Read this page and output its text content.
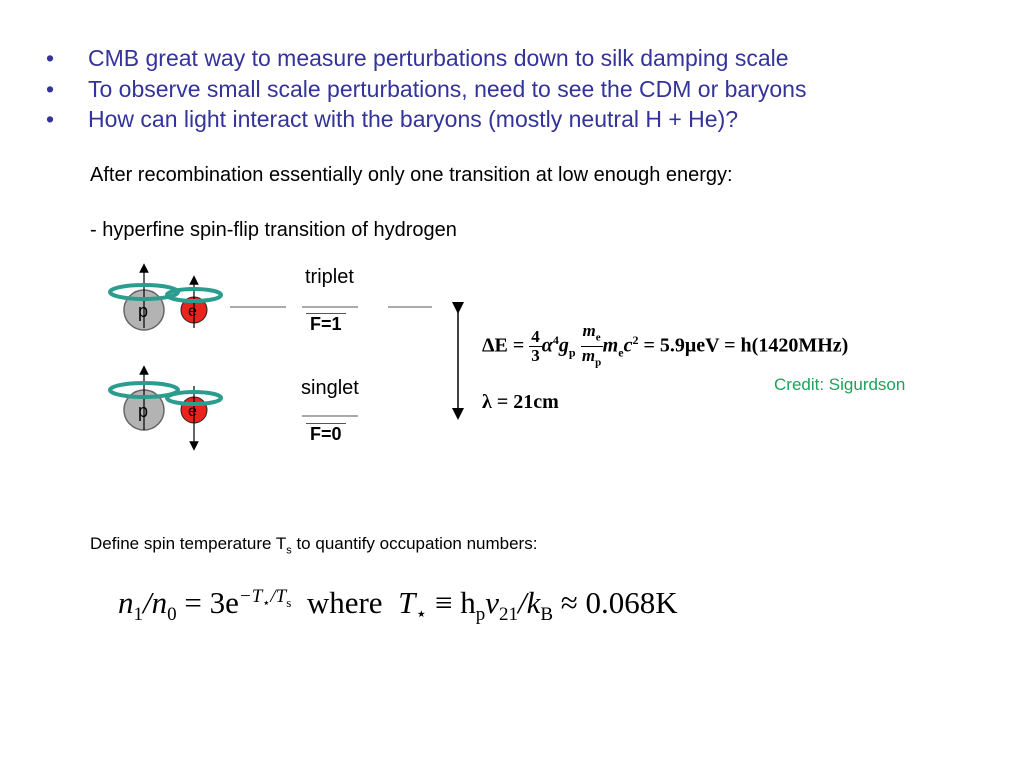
• CMB great way to measure perturbations down to silk damping scale
• To observe small scale perturbations, need to see the CDM or baryons
• How can light interact with the baryons (mostly neutral H + He)?
After recombination essentially only one transition at low enough energy:
- hyperfine spin-flip transition of hydrogen
p e
p e
triplet
singlet
F=1
F=0
$\Delta E = \frac{4}{3} \alpha^4g_p \frac{m_e}{m_p} m_ec^2 = 5.9\mu eV = h(1420MHz)$
λ = 21cm
Credit: Sigurdson
Define spin temperature $T_s$ to quantify occupation numbers:
$n_1/n_0 = 3e^{-T_⋆/T_s}$ where $T_⋆ \equiv h_p\nu_{21}/k_B \approx 0.068K$
